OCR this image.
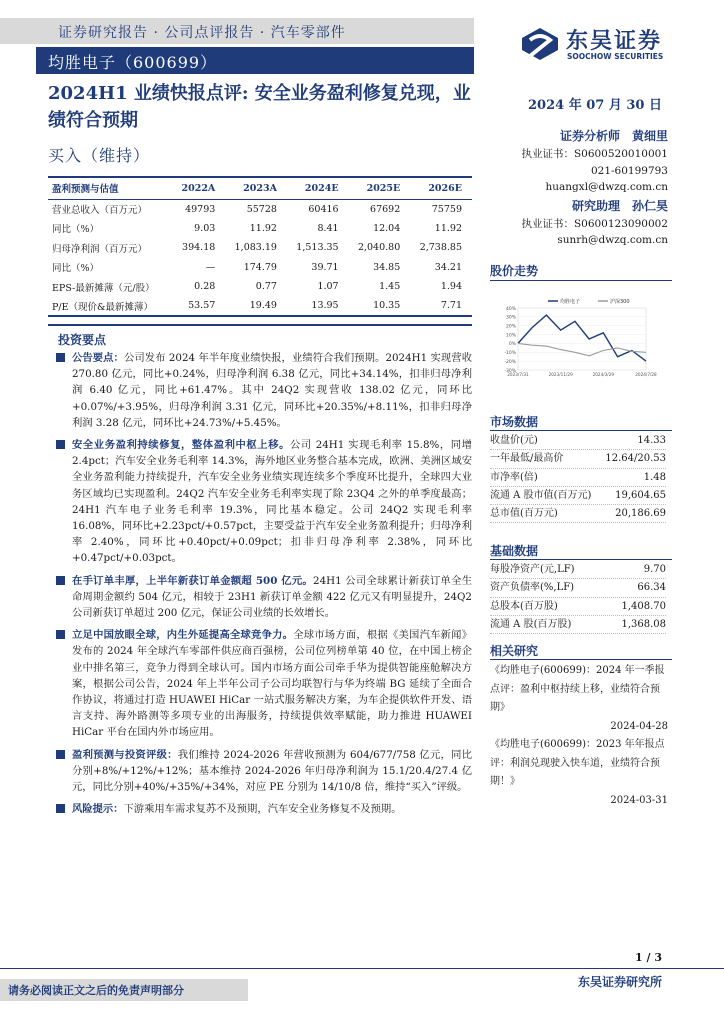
证券研究报告 · 公司点评报告 · 汽车零部件
均胜电子（600699）
东吴证券
SOOCHOW SECURITIES
2024H1 业绩快报点评: 安全业务盈利修复兑现，业绩符合预期
买入（维持）
2024 年 07 月 30 日
证券分析师　 黄细里
执业证书：S0600520010001
021-60199793
huangxl@dwzq.com.cn
研究助理　 孙仁昊
执业证书：S0600123090002
sunrh@dwzq.com.cn
盈利预测与估值	2022A	2023A	2024E	2025E	2026E
营业总收入（百万元）	49793	55728	60416	67692	75759
同比（%）	9.03	11.92	8.41	12.04	11.92
归母净利润（百万元）	394.18	1,083.19	1,513.35	2,040.80	2,738.85
同比（%）	—	174.79	39.71	34.85	34.21
EPS-最新摊薄（元/股）	0.28	0.77	1.07	1.45	1.94
P/E（现价&最新摊薄）	53.57	19.49	13.95	10.35	7.71
投资要点
公告要点：公司发布 2024 年半年度业绩快报，业绩符合我们预期。2024H1 实现营收 270.80 亿元，同比+0.24%，归母净利润 6.38 亿元，同比+34.14%，扣非归母净利润 6.40 亿元，同比+61.47%。其中 24Q2 实现营收 138.02 亿元，同环比+0.07%/+3.95%，归母净利润 3.31 亿元，同环比+20.35%/+8.11%，扣非归母净利润 3.28 亿元，同环比+24.73%/+5.45%。
安全业务盈利持续修复，整体盈利中枢上移。公司 24H1 实现毛利率 15.8%，同增 2.4pct；汽车安全业务毛利率 14.3%，海外地区业务整合基本完成，欧洲、美洲区域安全业务盈利能力持续提升，汽车安全业务业绩实现连续多个季度环比提升，全球四大业务区域均已实现盈利。24Q2 汽车安全业务毛利率实现了除 23Q4 之外的单季度最高；24H1 汽车电子业务毛利率 19.3%，同比基本稳定。公司 24Q2 实现毛利率 16.08%，同环比+2.23pct/+0.57pct，主要受益于汽车安全业务盈利提升；归母净利率 2.40%，同环比+0.40pct/+0.09pct；扣非归母净利率 2.38%，同环比+0.47pct/+0.03pct。
在手订单丰厚，上半年新获订单金额超 500 亿元。24H1 公司全球累计新获订单全生命周期金额约 504 亿元，相较于 23H1 新获订单金额 422 亿元又有明显提升，24Q2 公司新获订单超过 200 亿元，保证公司业绩的长效增长。
立足中国放眼全球，内生外延提高全球竞争力。全球市场方面，根据《美国汽车新闻》发布的 2024 年全球汽车零部件供应商百强榜，公司位列榜单第 40 位，在中国上榜企业中排名第三，竞争力得到全球认可。国内市场方面公司牵手华为提供智能座舱解决方案，根据公司公告，2024 年上半年公司子公司均联智行与华为终端 BG 延续了全面合作协议，将通过打造 HUAWEI HiCar 一站式服务解决方案，为车企提供软件开发、语言支持、海外路测等多项专业的出海服务，持续提供效率赋能，助力推进 HUAWEI HiCar 平台在国内外市场应用。
盈利预测与投资评级：我们维持 2024-2026 年营收预测为 604/677/758 亿元，同比分别+8%/+12%/+12%；基本维持 2024-2026 年归母净利润为 15.1/20.4/27.4 亿元，同比分别+40%/+35%/+34%，对应 PE 分别为 14/10/8 倍，维持“买入”评级。
风险提示：下游乘用车需求复苏不及预期，汽车安全业务修复不及预期。
股价走势
40%
30%
20%
10%
0%
-10%
-20%
-30%
2023/7/31	2023/11/29	2024/3/29	2024/7/28
均胜电子	沪深300
市场数据
收盘价(元)	14.33
一年最低/最高价	12.64/20.53
市净率(倍)	1.48
流通 A 股市值(百万元) 19,604.65
总市值(百万元)	20,186.69
基础数据
每股净资产(元,LF)	9.70
资产负债率(%,LF)	66.34
总股本(百万股)	1,408.70
流通 A 股(百万股)	1,368.08
相关研究
《均胜电子(600699)：2024 年一季报点评：盈利中枢持续上移，业绩符合预期》
2024-04-28
《均胜电子(600699)：2023 年年报点评：利润兑现驶入快车道，业绩符合预期！》
2024-03-31
1 / 3
请务必阅读正文之后的免责声明部分
东吴证券研究所
